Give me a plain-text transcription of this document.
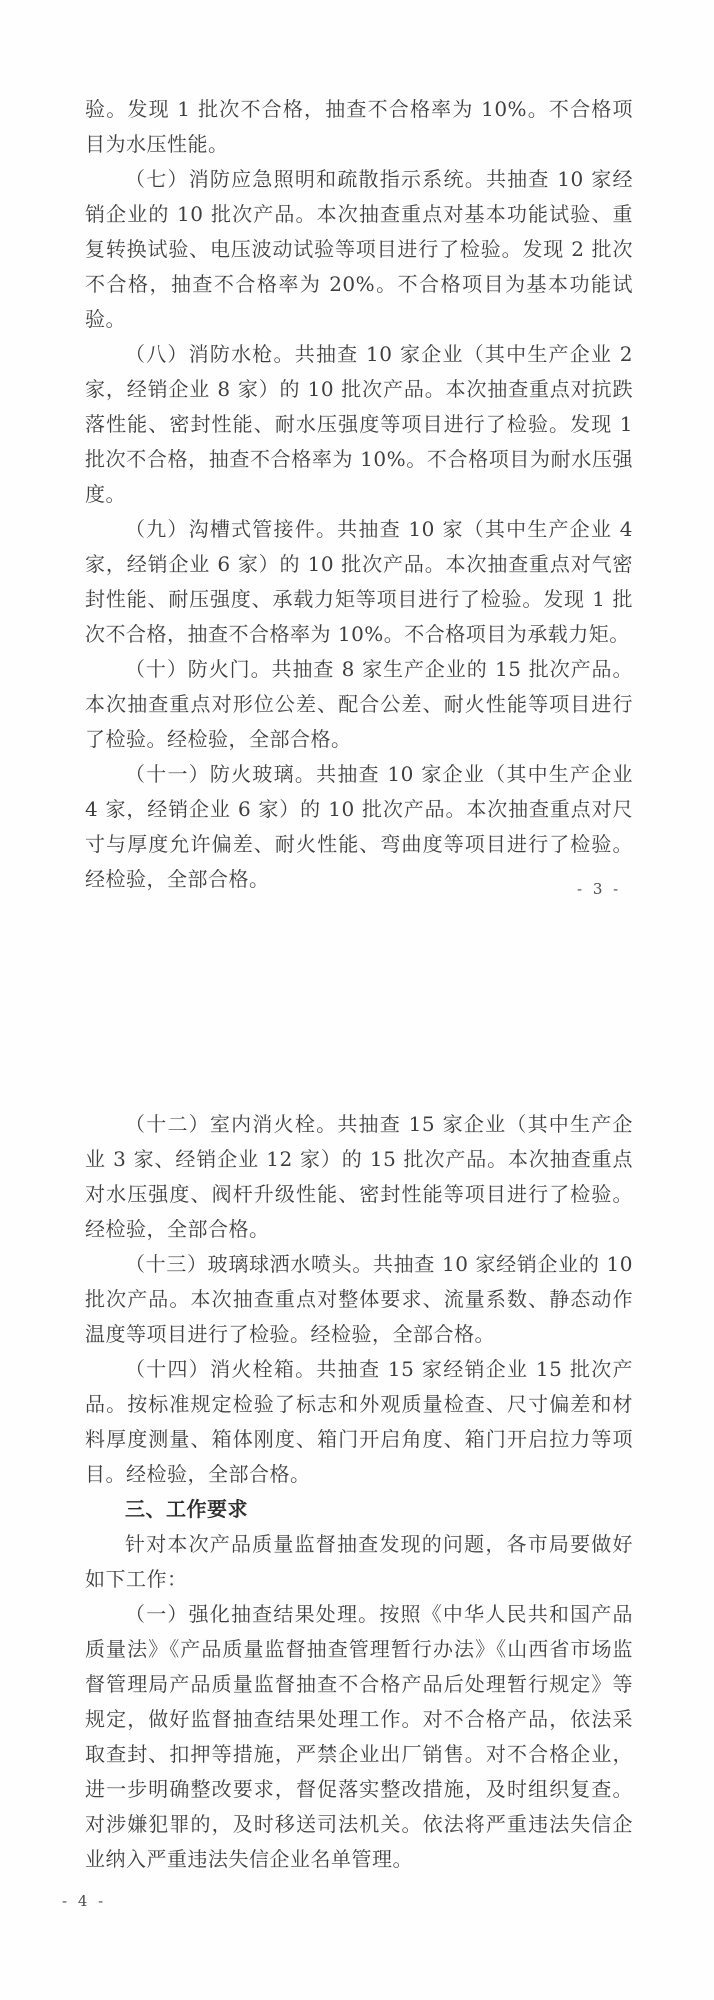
验。发现 1 批次不合格，抽查不合格率为 10%。不合格项目为水压性能。

（七）消防应急照明和疏散指示系统。共抽查 10 家经销企业的 10 批次产品。本次抽查重点对基本功能试验、重复转换试验、电压波动试验等项目进行了检验。发现 2 批次不合格，抽查不合格率为 20%。不合格项目为基本功能试验。

（八）消防水枪。共抽查 10 家企业（其中生产企业 2 家，经销企业 8 家）的 10 批次产品。本次抽查重点对抗跌落性能、密封性能、耐水压强度等项目进行了检验。发现 1 批次不合格，抽查不合格率为 10%。不合格项目为耐水压强度。

（九）沟槽式管接件。共抽查 10 家（其中生产企业 4 家，经销企业 6 家）的 10 批次产品。本次抽查重点对气密封性能、耐压强度、承载力矩等项目进行了检验。发现 1 批次不合格，抽查不合格率为 10%。不合格项目为承载力矩。

（十）防火门。共抽查 8 家生产企业的 15 批次产品。本次抽查重点对形位公差、配合公差、耐火性能等项目进行了检验。经检验，全部合格。

（十一）防火玻璃。共抽查 10 家企业（其中生产企业 4 家，经销企业 6 家）的 10 批次产品。本次抽查重点对尺寸与厚度允许偏差、耐火性能、弯曲度等项目进行了检验。经检验，全部合格。	- 3 -

（十二）室内消火栓。共抽查 15 家企业（其中生产企业 3 家、经销企业 12 家）的 15 批次产品。本次抽查重点对水压强度、阀杆升级性能、密封性能等项目进行了检验。经检验，全部合格。

（十三）玻璃球洒水喷头。共抽查 10 家经销企业的 10 批次产品。本次抽查重点对整体要求、流量系数、静态动作温度等项目进行了检验。经检验，全部合格。

（十四）消火栓箱。共抽查 15 家经销企业 15 批次产品。按标准规定检验了标志和外观质量检查、尺寸偏差和材料厚度测量、箱体刚度、箱门开启角度、箱门开启拉力等项目。经检验，全部合格。

三、工作要求

针对本次产品质量监督抽查发现的问题，各市局要做好如下工作：

（一）强化抽查结果处理。按照《中华人民共和国产品质量法》《产品质量监督抽查管理暂行办法》《山西省市场监督管理局产品质量监督抽查不合格产品后处理暂行规定》等规定，做好监督抽查结果处理工作。对不合格产品，依法采取查封、扣押等措施，严禁企业出厂销售。对不合格企业，进一步明确整改要求，督促落实整改措施，及时组织复查。对涉嫌犯罪的，及时移送司法机关。依法将严重违法失信企业纳入严重违法失信企业名单管理。

- 4 -
